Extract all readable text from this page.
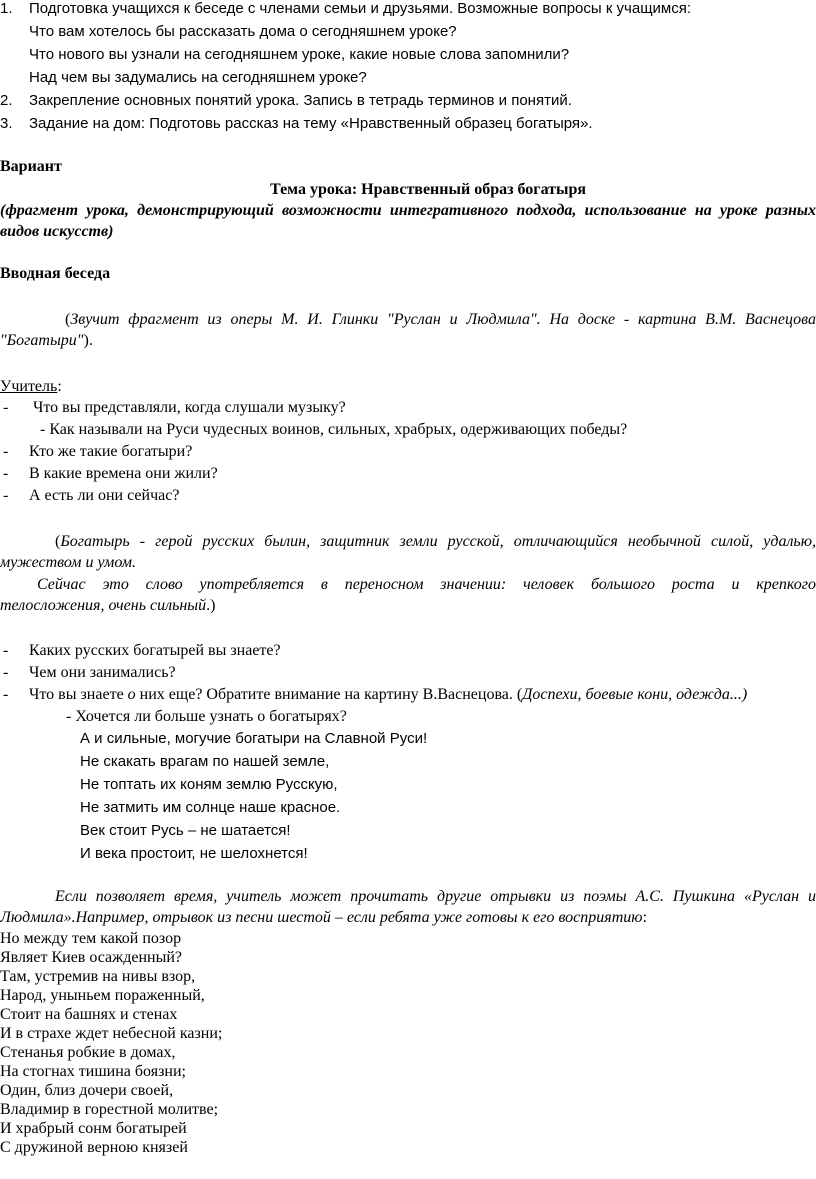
1. Подготовка учащихся к беседе с членами семьи и друзьями. Возможные вопросы к учащимся:
Что вам хотелось бы рассказать дома о сегодняшнем уроке?
Что нового вы узнали на сегодняшнем уроке, какие новые слова запомнили?
Над чем вы задумались на сегодняшнем уроке?
2. Закрепление основных понятий урока. Запись в тетрадь терминов и понятий.
3. Задание на дом: Подготовь рассказ на тему «Нравственный образец богатыря».
Вариант
Тема урока: Нравственный образ богатыря
(фрагмент урока, демонстрирующий возможности интегративного подхода, использование на уроке разных
видов искусств)
Вводная беседа
(Звучит фрагмент из оперы М. И. Глинки "Руслан и Людмила". На доске - картина В.М. Васнецова
"Богатыри").
Учитель:
- Что вы представляли, когда слушали музыку?
- Как называли на Руси чудесных воинов, сильных, храбрых, одерживающих победы?
- Кто же такие богатыри?
- В какие времена они жили?
- А есть ли они сейчас?
(Богатырь - герой русских былин, защитник земли русской, отличающийся необычной силой, удалью,
мужеством и умом.
Сейчас это слово употребляется в переносном значении: человек большого роста и крепкого
телосложения, очень сильный.)
- Каких русских богатырей вы знаете?
- Чем они занимались?
- Что вы знаете о них еще? Обратите внимание на картину В.Васнецова. (Доспехи, боевые кони, одежда...)
- Хочется ли больше узнать о богатырях?
А и сильные, могучие богатыри на Славной Руси!
Не скакать врагам по нашей земле,
Не топтать их коням землю Русскую,
Не затмить им солнце наше красное.
Век стоит Русь – не шатается!
И века простоит, не шелохнется!
Если позволяет время, учитель может прочитать другие отрывки из поэмы А.С. Пушкина «Руслан и
Людмила».Например, отрывок из песни шестой – если ребята уже готовы к его восприятию:
Но между тем какой позор
Являет Киев осажденный?
Там, устремив на нивы взор,
Народ, уныньем пораженный,
Стоит на башнях и стенах
И в страхе ждет небесной казни;
Стенанья робкие в домах,
На стогнах тишина боязни;
Один, близ дочери своей,
Владимир в горестной молитве;
И храбрый сонм богатырей
С дружиной верною князей
